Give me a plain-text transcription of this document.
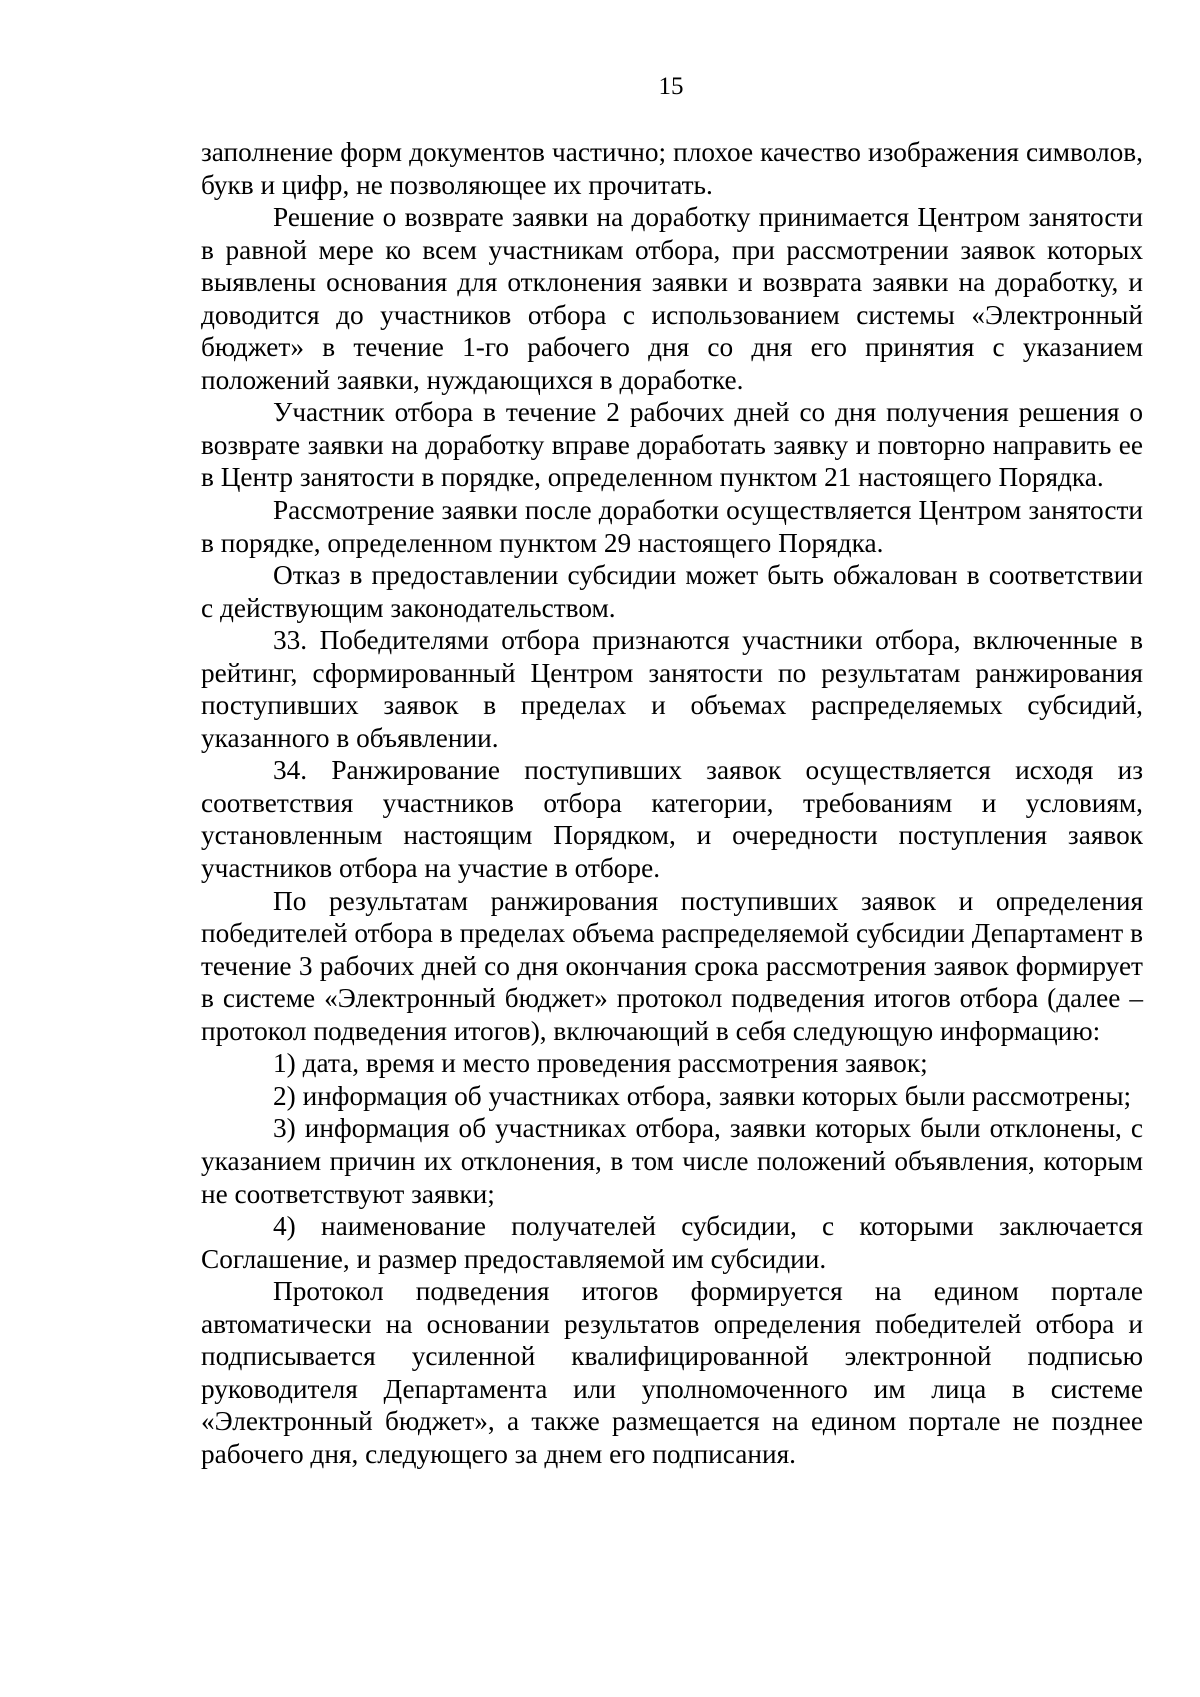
15

заполнение форм документов частично; плохое качество изображения символов, букв и цифр, не позволяющее их прочитать.

Решение о возврате заявки на доработку принимается Центром занятости в равной мере ко всем участникам отбора, при рассмотрении заявок которых выявлены основания для отклонения заявки и возврата заявки на доработку, и доводится до участников отбора с использованием системы «Электронный бюджет» в течение 1-го рабочего дня со дня его принятия с указанием положений заявки, нуждающихся в доработке.

Участник отбора в течение 2 рабочих дней со дня получения решения о возврате заявки на доработку вправе доработать заявку и повторно направить ее в Центр занятости в порядке, определенном пунктом 21 настоящего Порядка.

Рассмотрение заявки после доработки осуществляется Центром занятости в порядке, определенном пунктом 29 настоящего Порядка.

Отказ в предоставлении субсидии может быть обжалован в соответствии с действующим законодательством.

33. Победителями отбора признаются участники отбора, включенные в рейтинг, сформированный Центром занятости по результатам ранжирования поступивших заявок в пределах и объемах распределяемых субсидий, указанного в объявлении.

34. Ранжирование поступивших заявок осуществляется исходя из соответствия участников отбора категории, требованиям и условиям, установленным настоящим Порядком, и очередности поступления заявок участников отбора на участие в отборе.

По результатам ранжирования поступивших заявок и определения победителей отбора в пределах объема распределяемой субсидии Департамент в течение 3 рабочих дней со дня окончания срока рассмотрения заявок формирует в системе «Электронный бюджет» протокол подведения итогов отбора (далее – протокол подведения итогов), включающий в себя следующую информацию:

1) дата, время и место проведения рассмотрения заявок;

2) информация об участниках отбора, заявки которых были рассмотрены;

3) информация об участниках отбора, заявки которых были отклонены, с указанием причин их отклонения, в том числе положений объявления, которым не соответствуют заявки;

4) наименование получателей субсидии, с которыми заключается Соглашение, и размер предоставляемой им субсидии.

Протокол подведения итогов формируется на едином портале автоматически на основании результатов определения победителей отбора и подписывается усиленной квалифицированной электронной подписью руководителя Департамента или уполномоченного им лица в системе «Электронный бюджет», а также размещается на едином портале не позднее рабочего дня, следующего за днем его подписания.
